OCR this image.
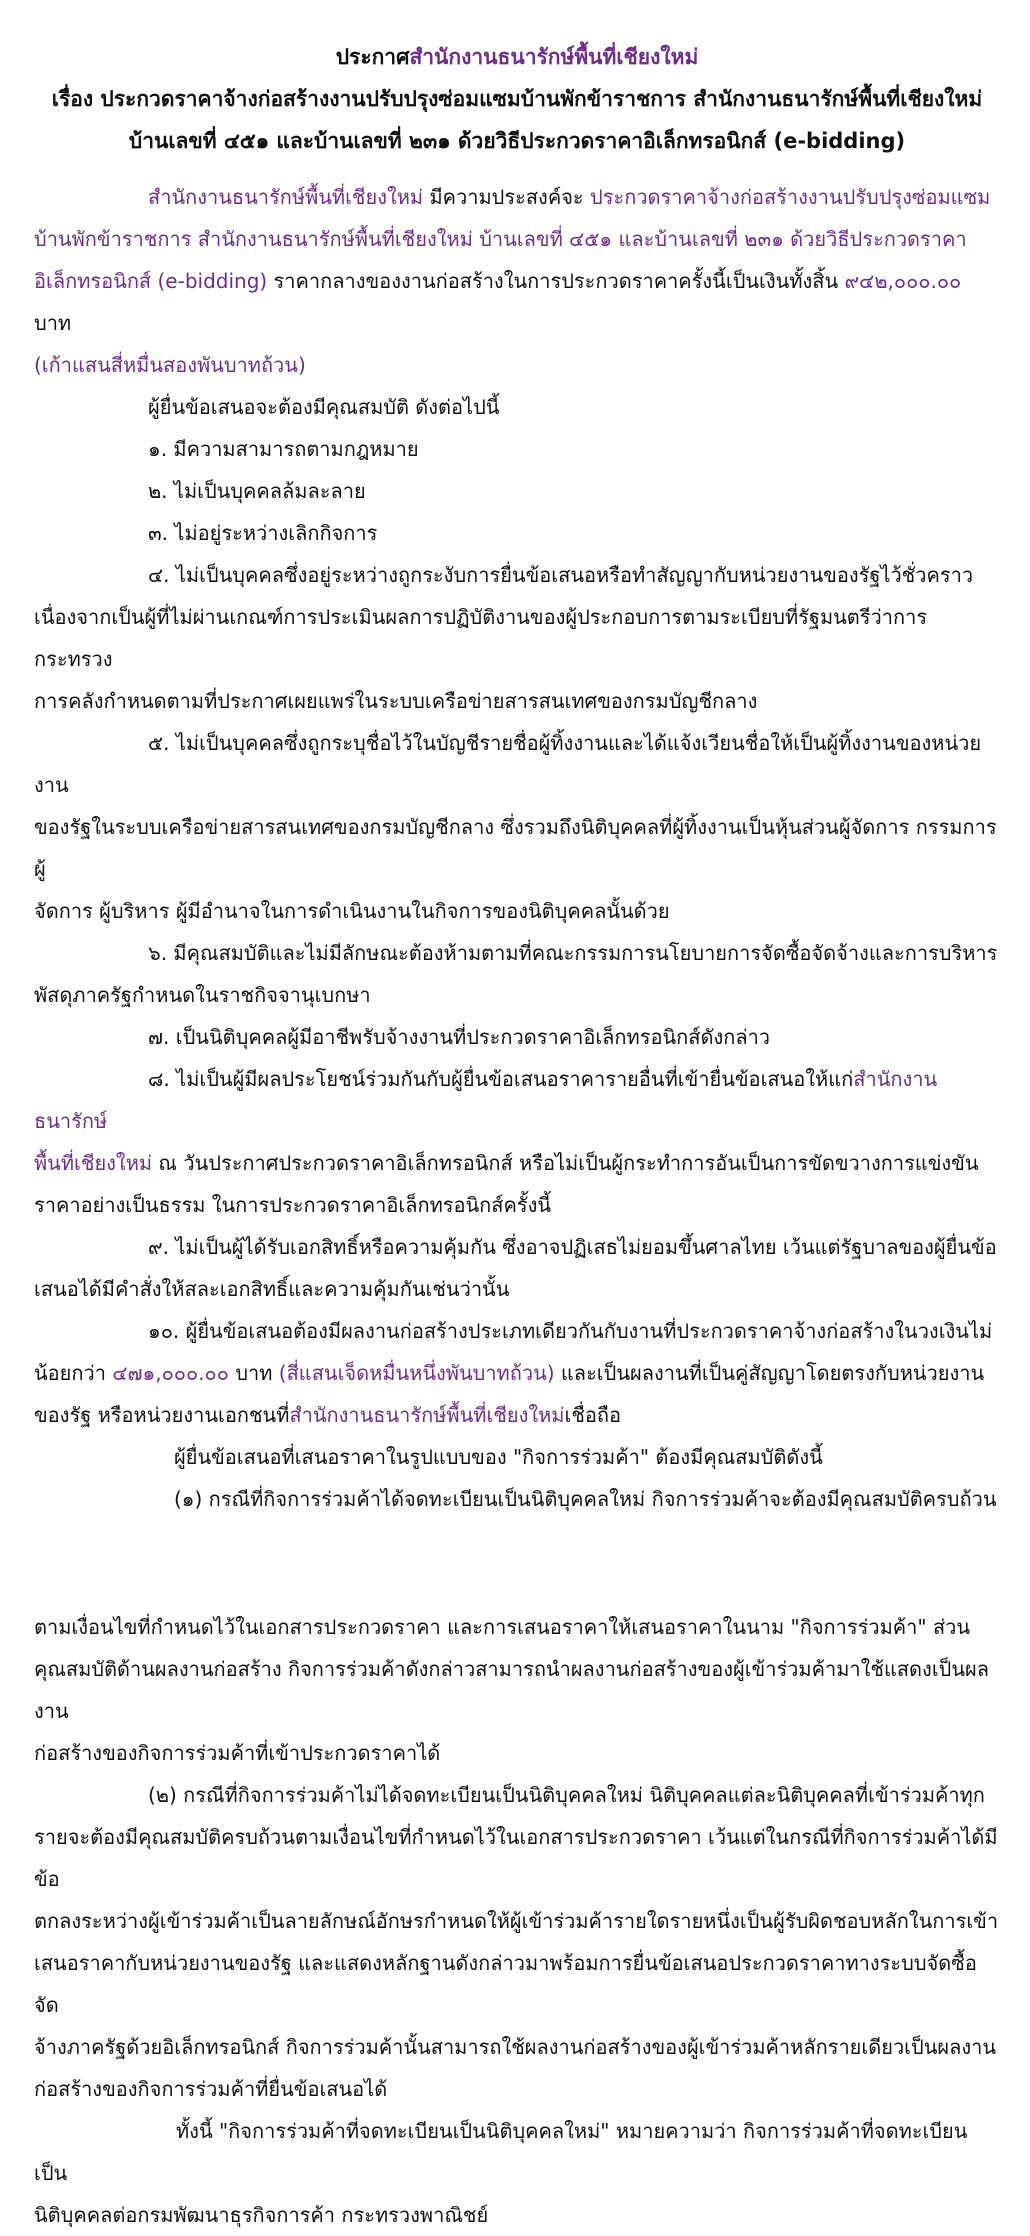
ประกาศสำนักงานธนารักษ์พื้นที่เชียงใหม่
เรื่อง ประกวดราคาจ้างก่อสร้างงานปรับปรุงซ่อมแซมบ้านพักข้าราชการ สำนักงานธนารักษ์พื้นที่เชียงใหม่
บ้านเลขที่ ๔๕๑ และบ้านเลขที่ ๒๓๑ ด้วยวิธีประกวดราคาอิเล็กทรอนิกส์ (e-bidding)

สำนักงานธนารักษ์พื้นที่เชียงใหม่ มีความประสงค์จะ ประกวดราคาจ้างก่อสร้างงานปรับปรุงซ่อมแซม

บ้านพักข้าราชการ สำนักงานธนารักษ์พื้นที่เชียงใหม่ บ้านเลขที่ ๔๕๑ และบ้านเลขที่ ๒๓๑ ด้วยวิธีประกวดราคา

อิเล็กทรอนิกส์ (e-bidding) ราคากลางของงานก่อสร้างในการประกวดราคาครั้งนี้เป็นเงินทั้งสิ้น ๙๔๒,๐๐๐.๐๐ บาท

(เก้าแสนสี่หมื่นสองพันบาทถ้วน)

ผู้ยื่นข้อเสนอจะต้องมีคุณสมบัติ ดังต่อไปนี้

๑. มีความสามารถตามกฎหมาย

๒. ไม่เป็นบุคคลล้มละลาย

๓. ไม่อยู่ระหว่างเลิกกิจการ

๔. ไม่เป็นบุคคลซึ่งอยู่ระหว่างถูกระงับการยื่นข้อเสนอหรือทำสัญญากับหน่วยงานของรัฐไว้ชั่วคราว

เนื่องจากเป็นผู้ที่ไม่ผ่านเกณฑ์การประเมินผลการปฏิบัติงานของผู้ประกอบการตามระเบียบที่รัฐมนตรีว่าการกระทรวง

การคลังกำหนดตามที่ประกาศเผยแพร่ในระบบเครือข่ายสารสนเทศของกรมบัญชีกลาง

๕. ไม่เป็นบุคคลซึ่งถูกระบุชื่อไว้ในบัญชีรายชื่อผู้ทิ้งงานและได้แจ้งเวียนชื่อให้เป็นผู้ทิ้งงานของหน่วยงาน

ของรัฐในระบบเครือข่ายสารสนเทศของกรมบัญชีกลาง ซึ่งรวมถึงนิติบุคคลที่ผู้ทิ้งงานเป็นหุ้นส่วนผู้จัดการ กรรมการผู้

จัดการ ผู้บริหาร ผู้มีอำนาจในการดำเนินงานในกิจการของนิติบุคคลนั้นด้วย

๖. มีคุณสมบัติและไม่มีลักษณะต้องห้ามตามที่คณะกรรมการนโยบายการจัดซื้อจัดจ้างและการบริหาร

พัสดุภาครัฐกำหนดในราชกิจจานุเบกษา

๗. เป็นนิติบุคคลผู้มีอาชีพรับจ้างงานที่ประกวดราคาอิเล็กทรอนิกส์ดังกล่าว

๘. ไม่เป็นผู้มีผลประโยชน์ร่วมกันกับผู้ยื่นข้อเสนอราคารายอื่นที่เข้ายื่นข้อเสนอให้แก่สำนักงานธนารักษ์

พื้นที่เชียงใหม่ ณ วันประกาศประกวดราคาอิเล็กทรอนิกส์ หรือไม่เป็นผู้กระทำการอันเป็นการขัดขวางการแข่งขัน

ราคาอย่างเป็นธรรม ในการประกวดราคาอิเล็กทรอนิกส์ครั้งนี้

๙. ไม่เป็นผู้ได้รับเอกสิทธิ์หรือความคุ้มกัน ซึ่งอาจปฏิเสธไม่ยอมขึ้นศาลไทย เว้นแต่รัฐบาลของผู้ยื่นข้อ

เสนอได้มีคำสั่งให้สละเอกสิทธิ์และความคุ้มกันเช่นว่านั้น

๑๐. ผู้ยื่นข้อเสนอต้องมีผลงานก่อสร้างประเภทเดียวกันกับงานที่ประกวดราคาจ้างก่อสร้างในวงเงินไม่

น้อยกว่า ๔๗๑,๐๐๐.๐๐ บาท (สี่แสนเจ็ดหมื่นหนึ่งพันบาทถ้วน) และเป็นผลงานที่เป็นคู่สัญญาโดยตรงกับหน่วยงาน

ของรัฐ หรือหน่วยงานเอกชนที่สำนักงานธนารักษ์พื้นที่เชียงใหม่เชื่อถือ

ผู้ยื่นข้อเสนอที่เสนอราคาในรูปแบบของ "กิจการร่วมค้า" ต้องมีคุณสมบัติดังนี้

(๑) กรณีที่กิจการร่วมค้าได้จดทะเบียนเป็นนิติบุคคลใหม่ กิจการร่วมค้าจะต้องมีคุณสมบัติครบถ้วน

ตามเงื่อนไขที่กำหนดไว้ในเอกสารประกวดราคา และการเสนอราคาให้เสนอราคาในนาม "กิจการร่วมค้า" ส่วน

คุณสมบัติด้านผลงานก่อสร้าง กิจการร่วมค้าดังกล่าวสามารถนำผลงานก่อสร้างของผู้เข้าร่วมค้ามาใช้แสดงเป็นผลงาน

ก่อสร้างของกิจการร่วมค้าที่เข้าประกวดราคาได้

(๒) กรณีที่กิจการร่วมค้าไม่ได้จดทะเบียนเป็นนิติบุคคลใหม่ นิติบุคคลแต่ละนิติบุคคลที่เข้าร่วมค้าทุก

รายจะต้องมีคุณสมบัติครบถ้วนตามเงื่อนไขที่กำหนดไว้ในเอกสารประกวดราคา เว้นแต่ในกรณีที่กิจการร่วมค้าได้มีข้อ

ตกลงระหว่างผู้เข้าร่วมค้าเป็นลายลักษณ์อักษรกำหนดให้ผู้เข้าร่วมค้ารายใดรายหนึ่งเป็นผู้รับผิดชอบหลักในการเข้า

เสนอราคากับหน่วยงานของรัฐ และแสดงหลักฐานดังกล่าวมาพร้อมการยื่นข้อเสนอประกวดราคาทางระบบจัดซื้อจัด

จ้างภาครัฐด้วยอิเล็กทรอนิกส์ กิจการร่วมค้านั้นสามารถใช้ผลงานก่อสร้างของผู้เข้าร่วมค้าหลักรายเดียวเป็นผลงาน

ก่อสร้างของกิจการร่วมค้าที่ยื่นข้อเสนอได้

ทั้งนี้ "กิจการร่วมค้าที่จดทะเบียนเป็นนิติบุคคลใหม่" หมายความว่า กิจการร่วมค้าที่จดทะเบียนเป็น

นิติบุคคลต่อกรมพัฒนาธุรกิจการค้า กระทรวงพาณิชย์
